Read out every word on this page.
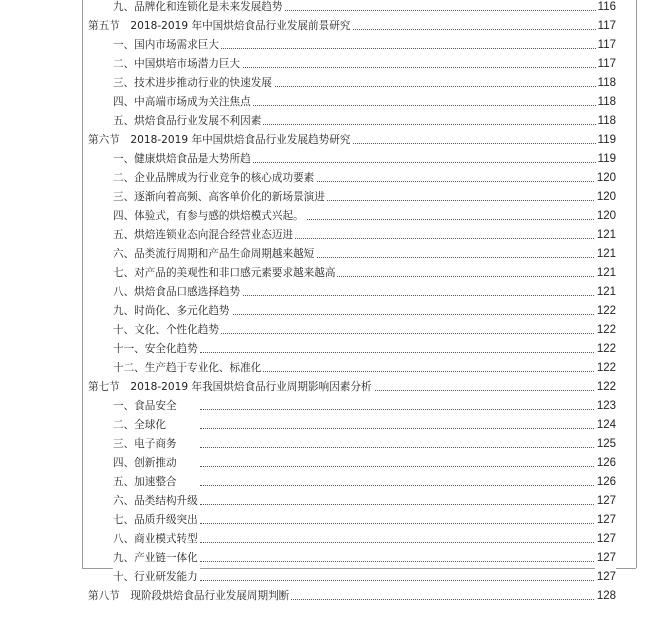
九、品牌化和连锁化是未来发展趋势	116
第五节　2018-2019 年中国烘焙食品行业发展前景研究	117
一、国内市场需求巨大	117
二、中国烘培市场潜力巨大	117
三、技术进步推动行业的快速发展	118
四、中高端市场成为关注焦点	118
五、烘焙食品行业发展不利因素	118
第六节　2018-2019 年中国烘焙食品行业发展趋势研究	119
一、健康烘焙食品是大势所趋	119
二、企业品牌成为行业竞争的核心成功要素	120
三、逐渐向着高频、高客单价化的新场景演进	120
四、体验式，有参与感的烘焙模式兴起。	120
五、烘焙连锁业态向混合经营业态迈进	121
六、品类流行周期和产品生命周期越来越短	121
七、对产品的美观性和非口感元素要求越来越高	121
八、烘焙食品口感选择趋势	121
九、时尚化、多元化趋势	122
十、文化、个性化趋势	122
十一、安全化趋势	122
十二、生产趋于专业化、标准化	122
第七节　2018-2019 年我国烘焙食品行业周期影响因素分析	122
一、食品安全	123
二、全球化	124
三、电子商务	125
四、创新推动	126
五、加速整合	126
六、品类结构升级	127
七、品质升级突出	127
八、商业模式转型	127
九、产业链一体化	127
十、行业研发能力	127
第八节　现阶段烘焙食品行业发展周期判断	128
